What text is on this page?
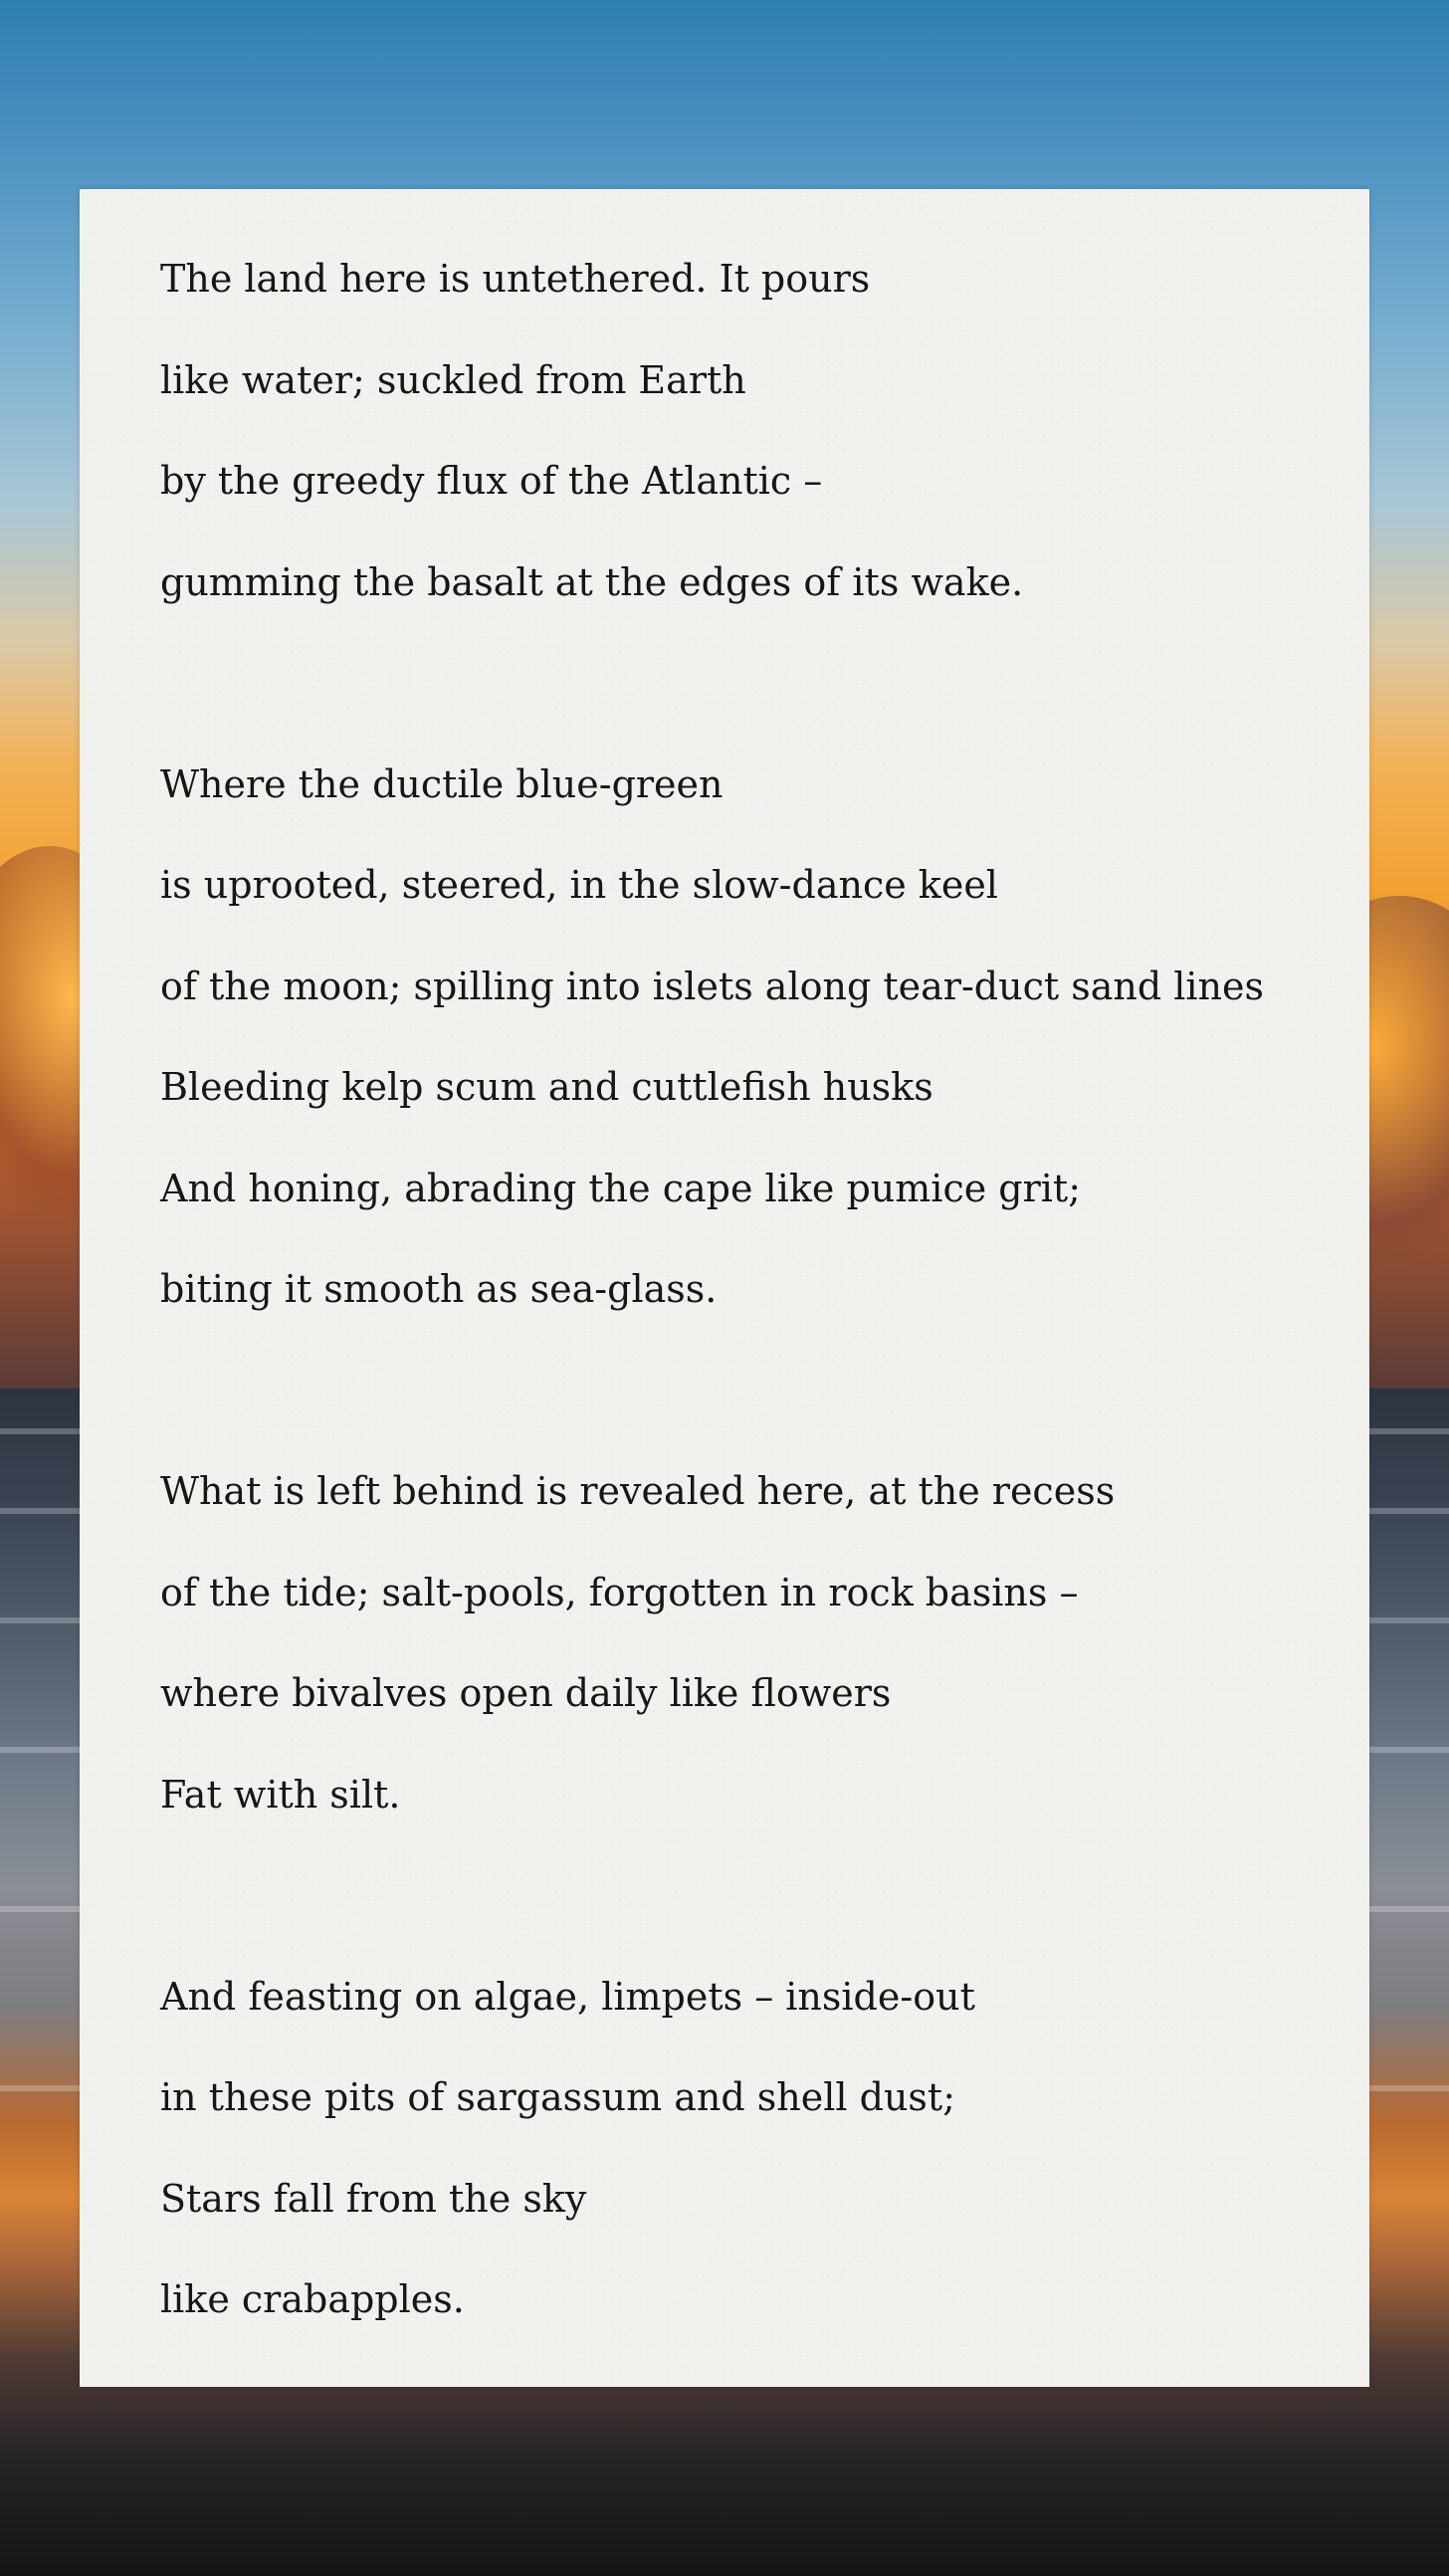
The land here is untethered. It pours
like water; suckled from Earth
by the greedy flux of the Atlantic –
gumming the basalt at the edges of its wake.
Where the ductile blue-green
is uprooted, steered, in the slow-dance keel
of the moon; spilling into islets along tear-duct sand lines
Bleeding kelp scum and cuttlefish husks
And honing, abrading the cape like pumice grit;
biting it smooth as sea-glass.
What is left behind is revealed here, at the recess
of the tide; salt-pools, forgotten in rock basins –
where bivalves open daily like flowers
Fat with silt.
And feasting on algae, limpets – inside-out
in these pits of sargassum and shell dust;
Stars fall from the sky
like crabapples.
